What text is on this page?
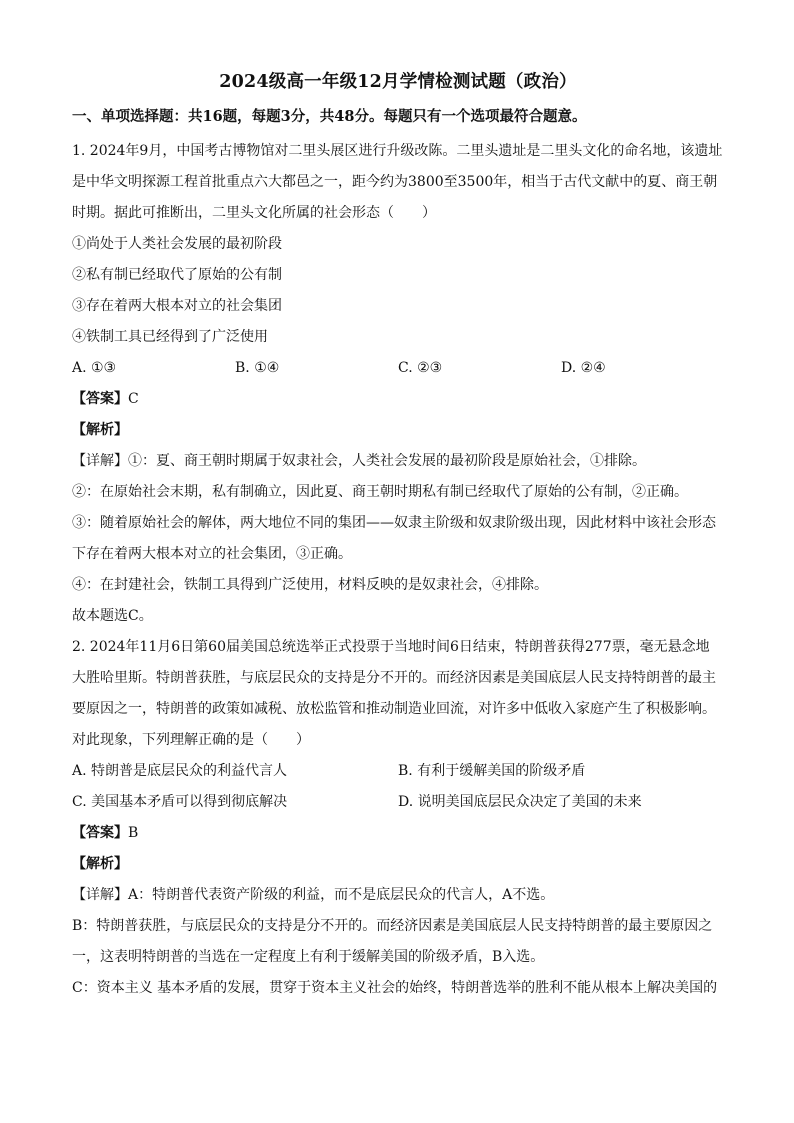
2024级高一年级12月学情检测试题（政治）
一、单项选择题：共16题，每题3分，共48分。每题只有一个选项最符合题意。

1. 2024年9月，中国考古博物馆对二里头展区进行升级改陈。二里头遗址是二里头文化的命名地，该遗址

是中华文明探源工程首批重点六大都邑之一，距今约为3800至3500年，相当于古代文献中的夏、商王朝

时期。据此可推断出，二里头文化所属的社会形态（　　）

①尚处于人类社会发展的最初阶段

②私有制已经取代了原始的公有制

③存在着两大根本对立的社会集团

④铁制工具已经得到了广泛使用

A. ①③	B. ①④	C. ②③	D. ②④
【答案】C
【解析】

【详解】①：夏、商王朝时期属于奴隶社会，人类社会发展的最初阶段是原始社会，①排除。

②：在原始社会末期，私有制确立，因此夏、商王朝时期私有制已经取代了原始的公有制，②正确。

③：随着原始社会的解体，两大地位不同的集团——奴隶主阶级和奴隶阶级出现，因此材料中该社会形态

下存在着两大根本对立的社会集团，③正确。

④：在封建社会，铁制工具得到广泛使用，材料反映的是奴隶社会，④排除。

故本题选C。

2. 2024年11月6日第60届美国总统选举正式投票于当地时间6日结束，特朗普获得277票，毫无悬念地

大胜哈里斯。特朗普获胜，与底层民众的支持是分不开的。而经济因素是美国底层人民支持特朗普的最主

要原因之一，特朗普的政策如减税、放松监管和推动制造业回流，对许多中低收入家庭产生了积极影响。

对此现象，下列理解正确的是（　　）

A. 特朗普是底层民众的利益代言人	B. 有利于缓解美国的阶级矛盾
C. 美国基本矛盾可以得到彻底解决	D. 说明美国底层民众决定了美国的未来
【答案】B
【解析】

【详解】A：特朗普代表资产阶级的利益，而不是底层民众的代言人，A不选。

B：特朗普获胜，与底层民众的支持是分不开的。而经济因素是美国底层人民支持特朗普的最主要原因之

一，这表明特朗普的当选在一定程度上有利于缓解美国的阶级矛盾，B入选。

C：资本主义 基本矛盾的发展，贯穿于资本主义社会的始终，特朗普选举的胜利不能从根本上解决美国的
